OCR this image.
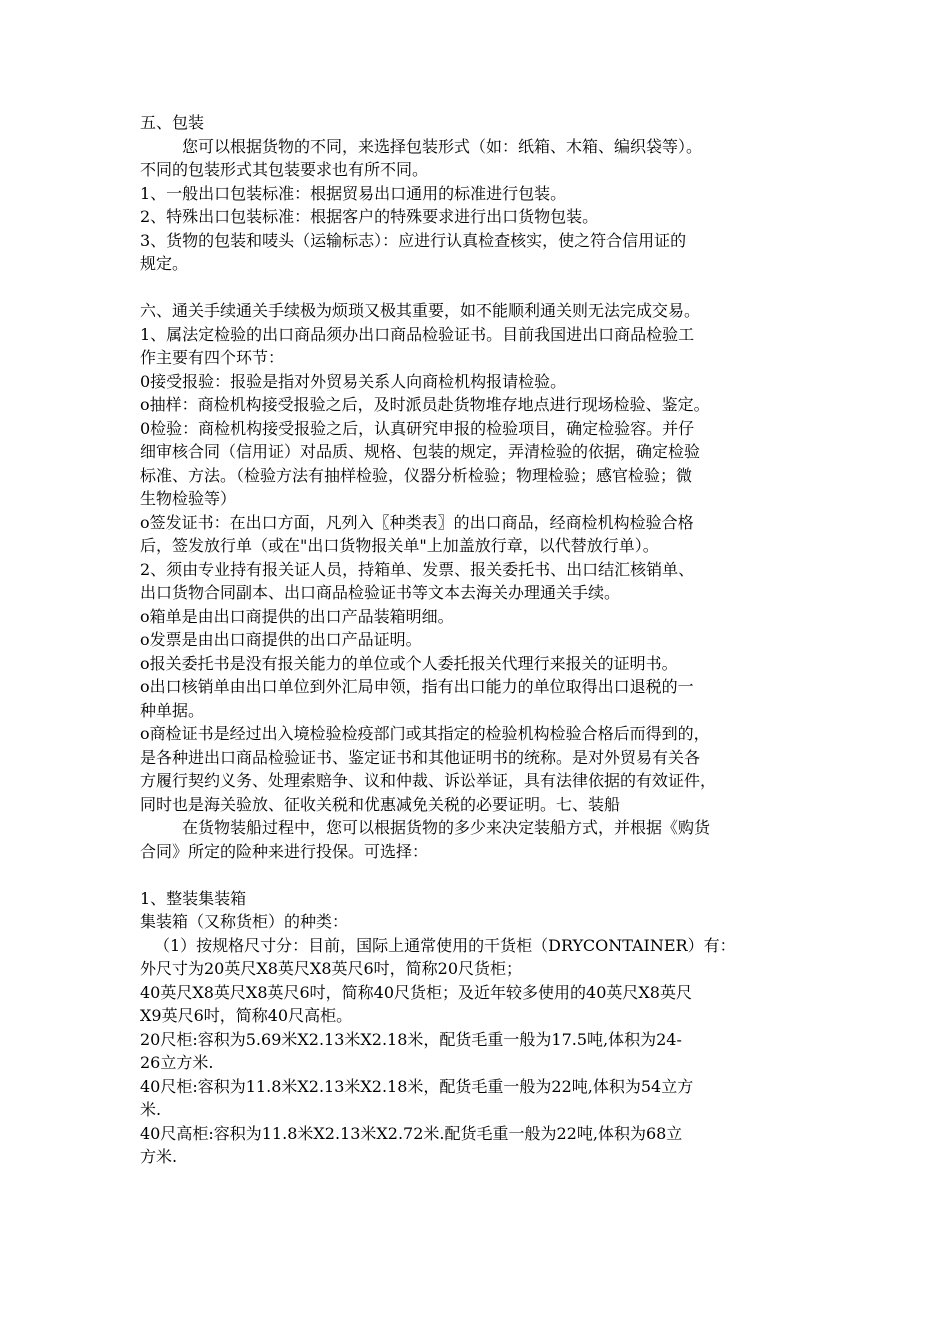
五、包装
您可以根据货物的不同，来选择包装形式（如：纸箱、木箱、编织袋等）。
不同的包装形式其包装要求也有所不同。
1、一般出口包装标准：根据贸易出口通用的标准进行包装。
2、特殊出口包装标准：根据客户的特殊要求进行出口货物包装。
3、货物的包装和唛头（运输标志）：应进行认真检查核实，使之符合信用证的
规定。
六、通关手续通关手续极为烦琐又极其重要，如不能顺利通关则无法完成交易。
1、属法定检验的出口商品须办出口商品检验证书。目前我国进出口商品检验工
作主要有四个环节：
0接受报验：报验是指对外贸易关系人向商检机构报请检验。
o抽样：商检机构接受报验之后，及时派员赴货物堆存地点进行现场检验、鉴定。
0检验：商检机构接受报验之后，认真研究申报的检验项目，确定检验容。并仔
细审核合同（信用证）对品质、规格、包装的规定，弄清检验的依据，确定检验
标准、方法。（检验方法有抽样检验，仪器分析检验；物理检验；感官检验；微
生物检验等）
o签发证书：在出口方面，凡列入〖种类表〗的出口商品，经商检机构检验合格
后，签发放行单（或在"出口货物报关单"上加盖放行章，以代替放行单）。
2、须由专业持有报关证人员，持箱单、发票、报关委托书、出口结汇核销单、
出口货物合同副本、出口商品检验证书等文本去海关办理通关手续。
o箱单是由出口商提供的出口产品装箱明细。
o发票是由出口商提供的出口产品证明。
o报关委托书是没有报关能力的单位或个人委托报关代理行来报关的证明书。
o出口核销单由出口单位到外汇局申领，指有出口能力的单位取得出口退税的一
种单据。
o商检证书是经过出入境检验检疫部门或其指定的检验机构检验合格后而得到的，
是各种进出口商品检验证书、鉴定证书和其他证明书的统称。是对外贸易有关各
方履行契约义务、处理索赔争、议和仲裁、诉讼举证，具有法律依据的有效证件，
同时也是海关验放、征收关税和优惠减免关税的必要证明。七、装船
在货物装船过程中，您可以根据货物的多少来决定装船方式，并根据《购货
合同》所定的险种来进行投保。可选择：
1、整装集装箱
集装箱（又称货柜）的种类：
（1）按规格尺寸分：目前，国际上通常使用的干货柜（DRYCONTAINER）有：
外尺寸为20英尺X8英尺X8英尺6吋，简称20尺货柜；
40英尺X8英尺X8英尺6吋，简称40尺货柜；及近年较多使用的40英尺X8英尺
X9英尺6吋，简称40尺高柜。
20尺柜:容积为5.69米X2.13米X2.18米，配货毛重一般为17.5吨,体积为24-
26立方米.
40尺柜:容积为11.8米X2.13米X2.18米，配货毛重一般为22吨,体积为54立方
米.
40尺高柜:容积为11.8米X2.13米X2.72米.配货毛重一般为22吨,体积为68立
方米.
